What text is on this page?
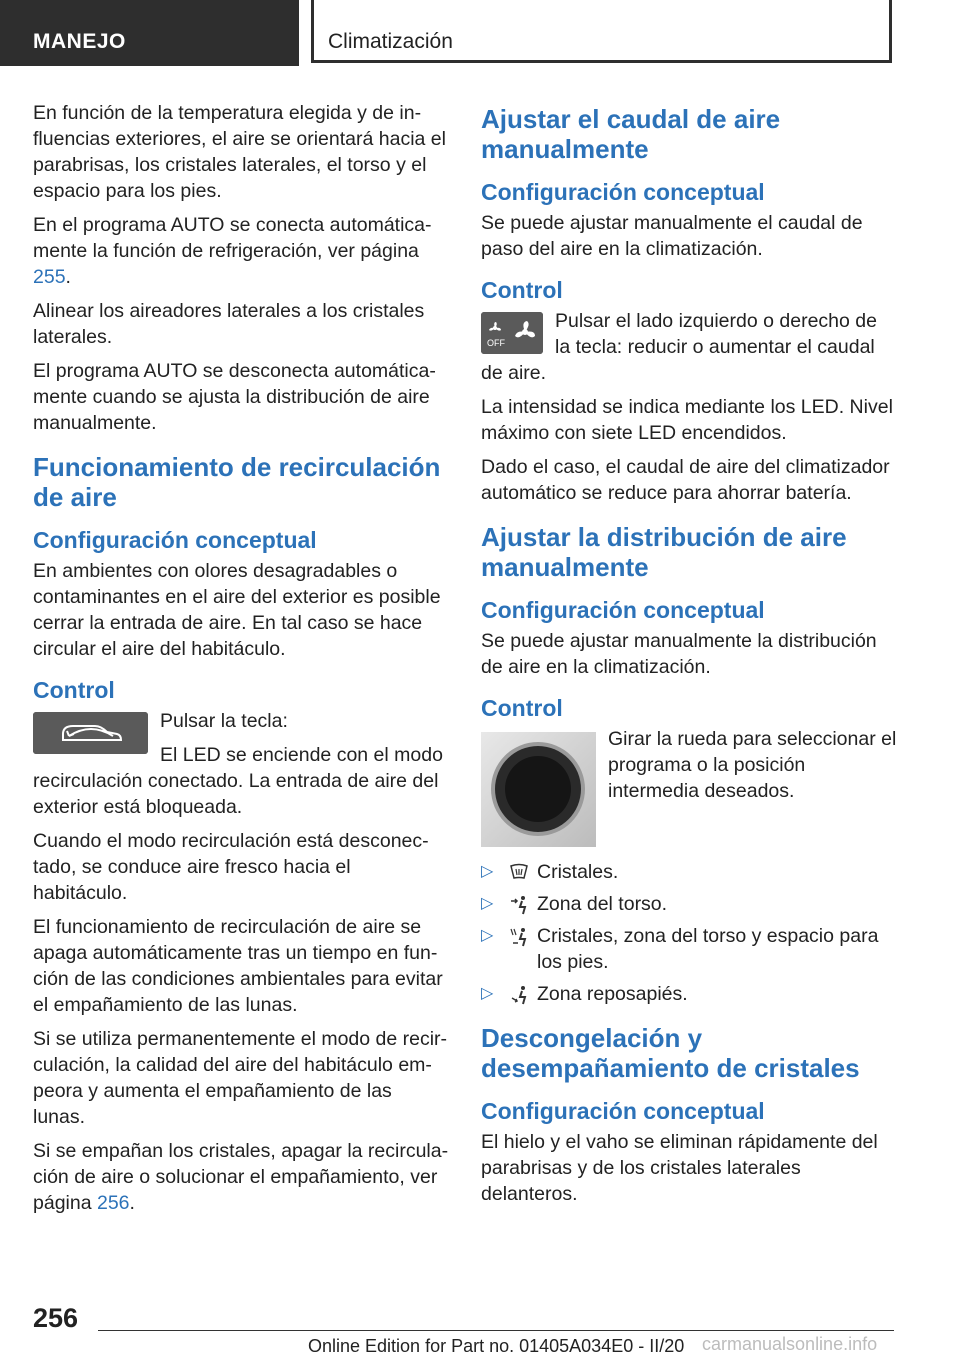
MANEJO	Climatización

En función de la temperatura elegida y de influencias exteriores, el aire se orientará hacia el parabrisas, los cristales laterales, el torso y el espacio para los pies.

En el programa AUTO se conecta automáticamente la función de refrigeración, ver página 255.

Alinear los aireadores laterales a los cristales laterales.

El programa AUTO se desconecta automáticamente cuando se ajusta la distribución de aire manualmente.

Funcionamiento de recirculación de aire
Configuración conceptual

En ambientes con olores desagradables o contaminantes en el aire del exterior es posible cerrar la entrada de aire. En tal caso se hace circular el aire del habitáculo.

Control

Pulsar la tecla:

El LED se enciende con el modo recirculación conectado. La entrada de aire del exterior está bloqueada.

Cuando el modo recirculación está desconectado, se conduce aire fresco hacia el habitáculo.

El funcionamiento de recirculación de aire se apaga automáticamente tras un tiempo en función de las condiciones ambientales para evitar el empañamiento de las lunas.

Si se utiliza permanentemente el modo de recirculación, la calidad del aire del habitáculo empeora y aumenta el empañamiento de las lunas.

Si se empañan los cristales, apagar la recirculación de aire o solucionar el empañamiento, ver página 256.

Ajustar el caudal de aire manualmente
Configuración conceptual

Se puede ajustar manualmente el caudal de paso del aire en la climatización.

Control
OFF

Pulsar el lado izquierdo o derecho de la tecla: reducir o aumentar el caudal de aire.

La intensidad se indica mediante los LED. Nivel máximo con siete LED encendidos.

Dado el caso, el caudal de aire del climatizador automático se reduce para ahorrar batería.

Ajustar la distribución de aire manualmente
Configuración conceptual

Se puede ajustar manualmente la distribución de aire en la climatización.

Control

Girar la rueda para seleccionar el programa o la posición intermedia deseados.

▷ Cristales.
▷ Zona del torso.
▷ Cristales, zona del torso y espacio para los pies.
▷ Zona reposapiés.
Descongelación y desempañamiento de cristales
Configuración conceptual

El hielo y el vaho se eliminan rápidamente del parabrisas y de los cristales laterales delanteros.

256
Online Edition for Part no. 01405A034E0 - II/20 carmanualsonline.info
